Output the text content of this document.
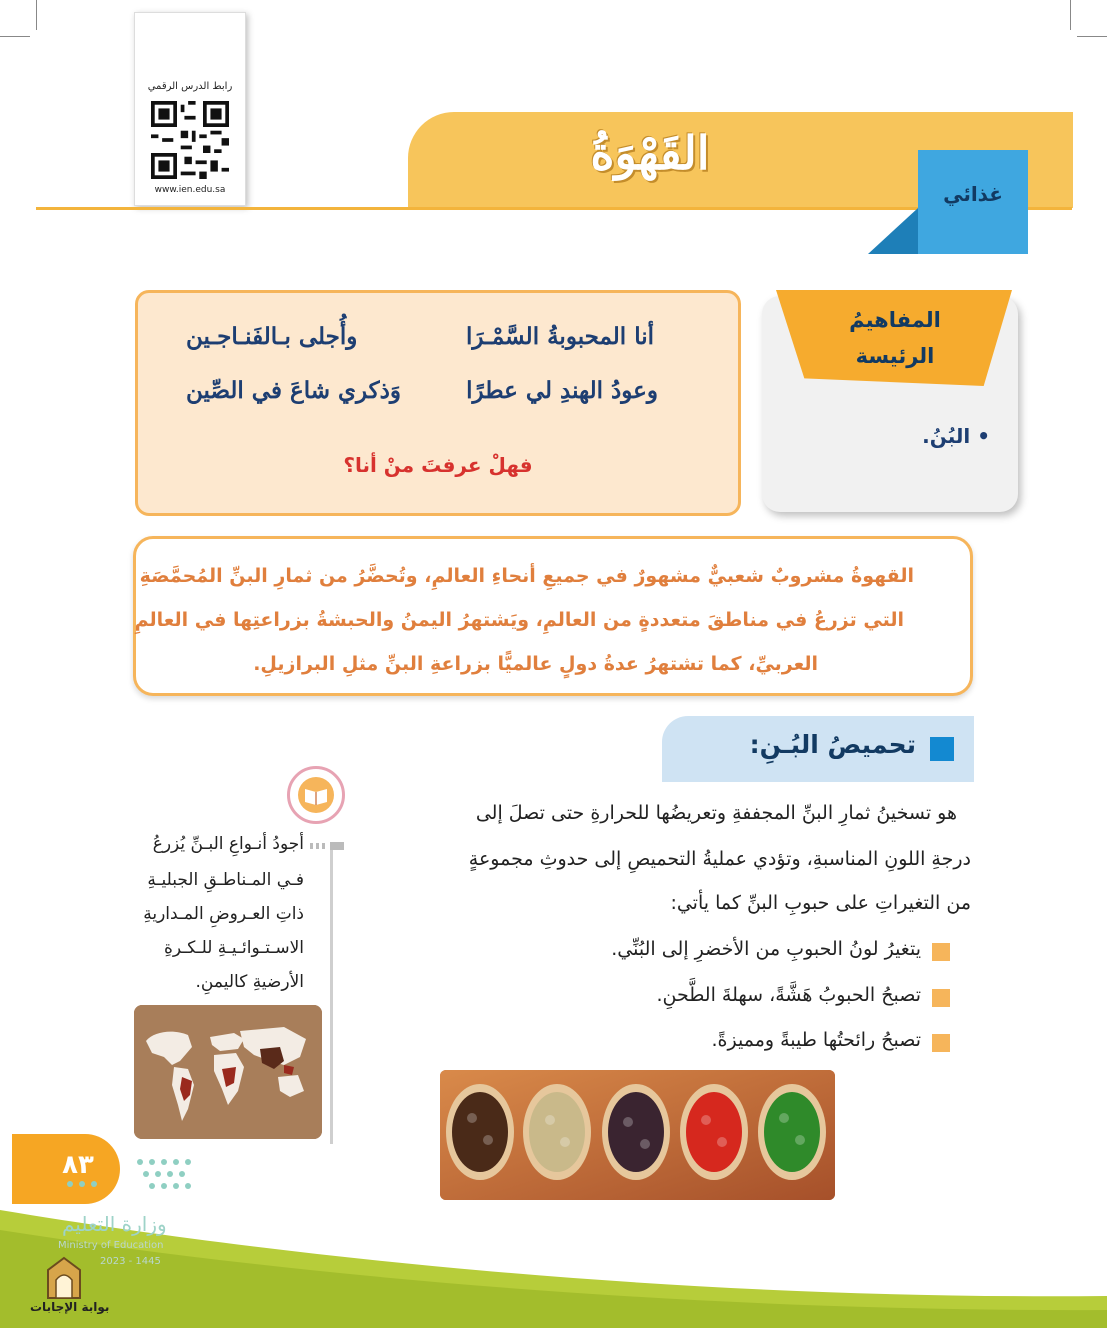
رابط الدرس الرقمي
www.ien.edu.sa
القَهْوَةُ
غذائي
أنا المحبوبةُ السَّمْـرَا
وأُجلى بـالفَنـاجـين
وعودُ الهندِ لي عطرًا
وَذكري شاعَ في الصِّين
فهلْ عرفتَ منْ أنا؟
المفاهيمُ
الرئيسة
• البُنُ.
القهوةُ مشروبٌ شعبيٌّ مشهورٌ في جميعِ أنحاءِ العالمِ، وتُحضَّرُ من ثمارِ البنِّ المُحمَّصَةِ
التي تزرعُ في مناطقَ متعددةٍ من العالمِ، ويَشتهرُ اليمنُ والحبشةُ بزراعتِها في العالمِ
العربيِّ، كما تشتهرُ عدةُ دولٍ عالميًّا بزراعةِ البنِّ مثلِ البرازيلِ.
تحميصُ البُـنِ:
هو تسخينُ ثمارِ البنِّ المجففةِ وتعريضُها للحرارةِ حتى تصلَ إلى
درجةِ اللونِ المناسبةِ، وتؤدي عمليةُ التحميصِ إلى حدوثِ مجموعةٍ
من التغيراتِ على حبوبِ البنِّ كما يأتي:
يتغيرُ لونُ الحبوبِ من الأخضرِ إلى البُنِّي.
تصبحُ الحبوبُ هَشَّةً، سهلةَ الطَّحنِ.
تصبحُ رائحتُها طيبةً ومميزةً.
أجودُ أنـواعِ البـنِّ يُزرعُ
فـي المـناطـقِ الجبليـةِ
ذاتِ العـروضِ المـداريةِ
الاسـتـوائـيـةِ للـكـرةِ
الأرضيةِ كاليمنِ.
٨٣
وزارة التعليم
Ministry of Education
2023 - 1445
بوابة الإجابات
